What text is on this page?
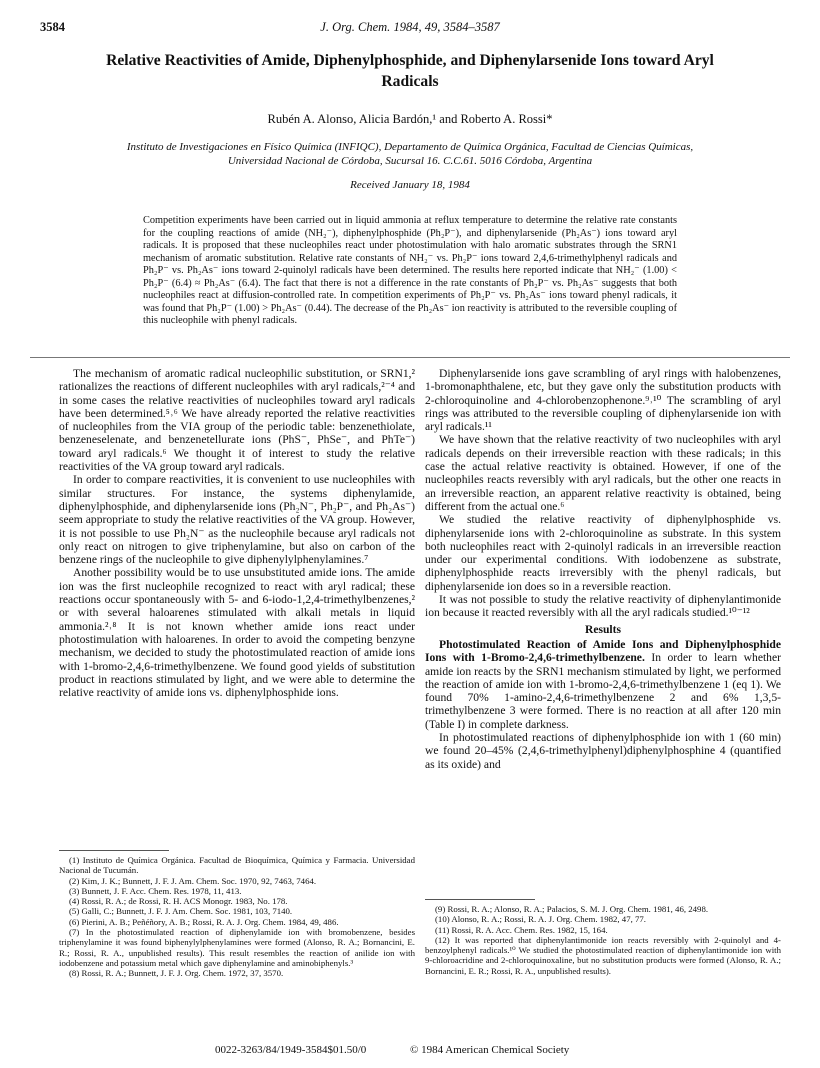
3584	J. Org. Chem. 1984, 49, 3584–3587
Relative Reactivities of Amide, Diphenylphosphide, and Diphenylarsenide Ions toward Aryl Radicals
Rubén A. Alonso, Alicia Bardón,¹ and Roberto A. Rossi*
Instituto de Investigaciones en Físico Química (INFIQC), Departamento de Química Orgánica, Facultad de Ciencias Químicas, Universidad Nacional de Córdoba, Sucursal 16. C.C.61. 5016 Córdoba, Argentina
Received January 18, 1984

Competition experiments have been carried out in liquid ammonia at reflux temperature to determine the relative rate constants for the coupling reactions of amide (NH₂⁻), diphenylphosphide (Ph₂P⁻), and diphenylarsenide (Ph₂As⁻) ions toward aryl radicals. It is proposed that these nucleophiles react under photostimulation with halo aromatic substrates through the SRN1 mechanism of aromatic substitution. Relative rate constants of NH₂⁻ vs. Ph₂P⁻ ions toward 2,4,6-trimethylphenyl radicals and Ph₂P⁻ vs. Ph₂As⁻ ions toward 2-quinolyl radicals have been determined. The results here reported indicate that NH₂⁻ (1.00) < Ph₂P⁻ (6.4) ≈ Ph₂As⁻ (6.4). The fact that there is not a difference in the rate constants of Ph₂P⁻ vs. Ph₂As⁻ suggests that both nucleophiles react at diffusion-controlled rate. In competition experiments of Ph₂P⁻ vs. Ph₂As⁻ ions toward phenyl radicals, it was found that Ph₂P⁻ (1.00) > Ph₂As⁻ (0.44). The decrease of the Ph₂As⁻ ion reactivity is attributed to the reversible coupling of this nucleophile with phenyl radicals.

The mechanism of aromatic radical nucleophilic substitution, or SRN1,² rationalizes the reactions of different nucleophiles with aryl radicals,²⁻⁴ and in some cases the relative reactivities of nucleophiles toward aryl radicals have been determined.⁵˒⁶ We have already reported the relative reactivities of nucleophiles from the VIA group of the periodic table: benzenethiolate, benzeneselenate, and benzenetellurate ions (PhS⁻, PhSe⁻, and PhTe⁻) toward aryl radicals.⁶ We thought it of interest to study the relative reactivities of the VA group toward aryl radicals.

In order to compare reactivities, it is convenient to use nucleophiles with similar structures. For instance, the systems diphenylamide, diphenylphosphide, and diphenylarsenide ions (Ph₂N⁻, Ph₂P⁻, and Ph₂As⁻) seem appropriate to study the relative reactivities of the VA group. However, it is not possible to use Ph₂N⁻ as the nucleophile because aryl radicals not only react on nitrogen to give triphenylamine, but also on carbon of the benzene rings of the nucleophile to give diphenylylphenylamines.⁷

Another possibility would be to use unsubstituted amide ions. The amide ion was the first nucleophile recognized to react with aryl radical; these reactions occur spontaneously with 5- and 6-iodo-1,2,4-trimethylbenzenes,² or with several haloarenes stimulated with alkali metals in liquid ammonia.²˒⁸ It is not known whether amide ions react under photostimulation with haloarenes. In order to avoid the competing benzyne mechanism, we decided to study the photostimulated reaction of amide ions with 1-bromo-2,4,6-trimethylbenzene. We found good yields of substitution product in reactions stimulated by light, and we were able to determine the relative reactivity of amide ions vs. diphenylphosphide ions.

Diphenylarsenide ions gave scrambling of aryl rings with halobenzenes, 1-bromonaphthalene, etc, but they gave only the substitution products with 2-chloroquinoline and 4-chlorobenzophenone.⁹˒¹⁰ The scrambling of aryl rings was attributed to the reversible coupling of diphenylarsenide ion with aryl radicals.¹¹

We have shown that the relative reactivity of two nucleophiles with aryl radicals depends on their irreversible reaction with these radicals; in this case the actual relative reactivity is obtained. However, if one of the nucleophiles reacts reversibly with aryl radicals, but the other one reacts in an irreversible reaction, an apparent relative reactivity is obtained, being different from the actual one.⁶

We studied the relative reactivity of diphenylphosphide vs. diphenylarsenide ions with 2-chloroquinoline as substrate. In this system both nucleophiles react with 2-quinolyl radicals in an irreversible reaction under our experimental conditions. With iodobenzene as substrate, diphenylphosphide reacts irreversibly with the phenyl radicals, but diphenylarsenide ion does so in a reversible reaction.

It was not possible to study the relative reactivity of diphenylantimonide ion because it reacted reversibly with all the aryl radicals studied.¹⁰⁻¹²

Results

Photostimulated Reaction of Amide Ions and Diphenylphosphide Ions with 1-Bromo-2,4,6-trimethylbenzene. In order to learn whether amide ion reacts by the SRN1 mechanism stimulated by light, we performed the reaction of amide ion with 1-bromo-2,4,6-trimethylbenzene 1 (eq 1). We found 70% 1-amino-2,4,6-trimethylbenzene 2 and 6% 1,3,5-trimethylbenzene 3 were formed. There is no reaction at all after 120 min (Table I) in complete darkness.

In photostimulated reactions of diphenylphosphide ion with 1 (60 min) we found 20–45% (2,4,6-trimethylphenyl)diphenylphosphine 4 (quantified as its oxide) and

(1) Instituto de Química Orgánica. Facultad de Bioquímica, Química y Farmacia. Universidad Nacional de Tucumán.
(2) Kim, J. K.; Bunnett, J. F. J. Am. Chem. Soc. 1970, 92, 7463, 7464.
(3) Bunnett, J. F. Acc. Chem. Res. 1978, 11, 413.
(4) Rossi, R. A.; de Rossi, R. H. ACS Monogr. 1983, No. 178.
(5) Galli, C.; Bunnett, J. F. J. Am. Chem. Soc. 1981, 103, 7140.
(6) Pierini, A. B.; Peñéñory, A. B.; Rossi, R. A. J. Org. Chem. 1984, 49, 486.
(7) In the photostimulated reaction of diphenylamide ion with bromobenzene, besides triphenylamine it was found biphenylylphenylamines were formed (Alonso, R. A.; Bornancini, E. R.; Rossi, R. A., unpublished results). This result resembles the reaction of anilide ion with iodobenzene and potassium metal which gave diphenylamine and aminobiphenyls.³
(8) Rossi, R. A.; Bunnett, J. F. J. Org. Chem. 1972, 37, 3570.
(9) Rossi, R. A.; Alonso, R. A.; Palacios, S. M. J. Org. Chem. 1981, 46, 2498.
(10) Alonso, R. A.; Rossi, R. A. J. Org. Chem. 1982, 47, 77.
(11) Rossi, R. A. Acc. Chem. Res. 1982, 15, 164.
(12) It was reported that diphenylantimonide ion reacts reversibly with 2-quinolyl and 4-benzoylphenyl radicals.¹⁰ We studied the photostimulated reaction of diphenylantimonide ion with 9-chloroacridine and 2-chloroquinoxaline, but no substitution products were formed (Alonso, R. A.; Bornancini, E. R.; Rossi, R. A., unpublished results).
0022-3263/84/1949-3584$01.50/0	© 1984 American Chemical Society
